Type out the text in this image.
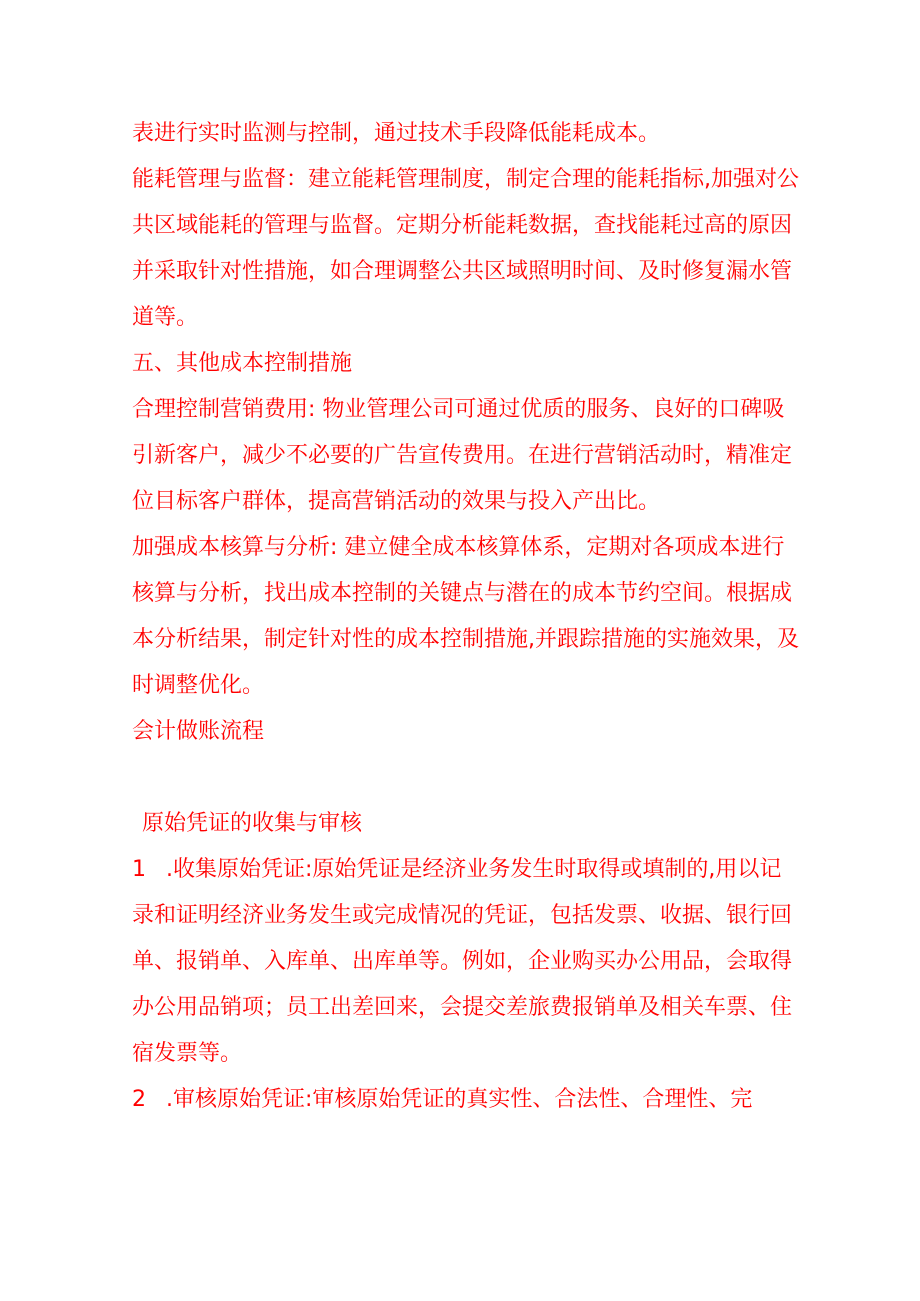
表进行实时监测与控制，通过技术手段降低能耗成本。

能耗管理与监督：建立能耗管理制度，制定合理的能耗指标,加强对公共区域能耗的管理与监督。定期分析能耗数据，查找能耗过高的原因并采取针对性措施，如合理调整公共区域照明时间、及时修复漏水管道等。

五、其他成本控制措施

合理控制营销费用: 物业管理公司可通过优质的服务、良好的口碑吸引新客户，减少不必要的广告宣传费用。在进行营销活动时，精准定位目标客户群体，提高营销活动的效果与投入产出比。

加强成本核算与分析: 建立健全成本核算体系，定期对各项成本进行核算与分析，找出成本控制的关键点与潜在的成本节约空间。根据成本分析结果，制定针对性的成本控制措施,并跟踪措施的实施效果，及时调整优化。

会计做账流程

原始凭证的收集与审核

1 .收集原始凭证:原始凭证是经济业务发生时取得或填制的,用以记录和证明经济业务发生或完成情况的凭证，包括发票、收据、银行回单、报销单、入库单、出库单等。例如，企业购买办公用品，会取得办公用品销项；员工出差回来，会提交差旅费报销单及相关车票、住宿发票等。

2 .审核原始凭证:审核原始凭证的真实性、合法性、合理性、完
